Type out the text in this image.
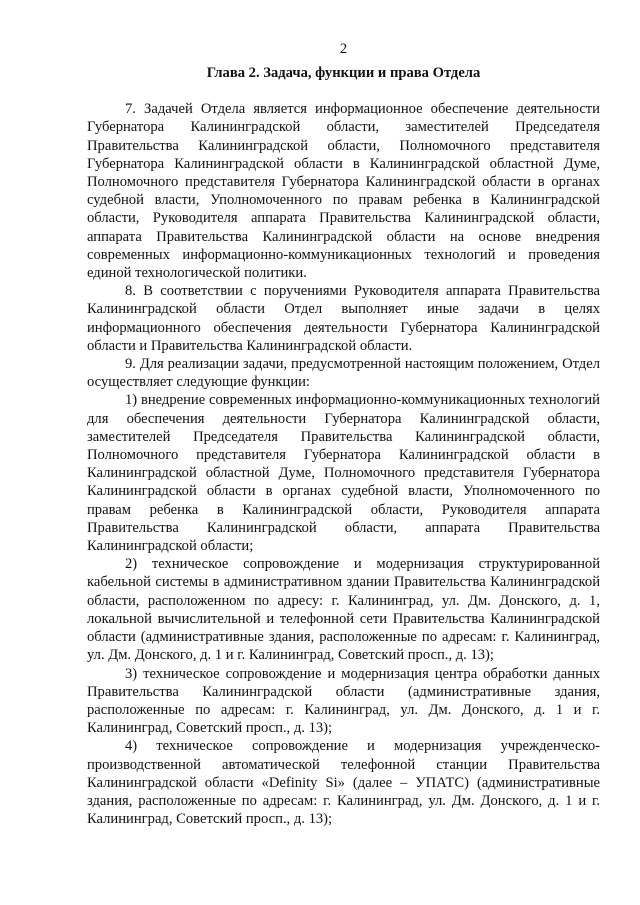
2
Глава 2. Задача, функции и права Отдела

7. Задачей Отдела является информационное обеспечение деятельности Губернатора Калининградской области, заместителей Председателя Правительства Калининградской области, Полномочного представителя Губернатора Калининградской области в Калининградской областной Думе, Полномочного представителя Губернатора Калининградской области в органах судебной власти, Уполномоченного по правам ребенка в Калининградской области, Руководителя аппарата Правительства Калининградской области, аппарата Правительства Калининградской области на основе внедрения современных информационно-коммуникационных технологий и проведения единой технологической политики.

8. В соответствии с поручениями Руководителя аппарата Правительства Калининградской области Отдел выполняет иные задачи в целях информационного обеспечения деятельности Губернатора Калининградской области и Правительства Калининградской области.

9. Для реализации задачи, предусмотренной настоящим положением, Отдел осуществляет следующие функции:

1) внедрение современных информационно-коммуникационных технологий для обеспечения деятельности Губернатора Калининградской области, заместителей Председателя Правительства Калининградской области, Полномочного представителя Губернатора Калининградской области в Калининградской областной Думе, Полномочного представителя Губернатора Калининградской области в органах судебной власти, Уполномоченного по правам ребенка в Калининградской области, Руководителя аппарата Правительства Калининградской области, аппарата Правительства Калининградской области;

2) техническое сопровождение и модернизация структурированной кабельной системы в административном здании Правительства Калининградской области, расположенном по адресу: г. Калининград, ул. Дм. Донского, д. 1, локальной вычислительной и телефонной сети Правительства Калининградской области (административные здания, расположенные по адресам: г. Калининград, ул. Дм. Донского, д. 1 и г. Калининград, Советский просп., д. 13);

3) техническое сопровождение и модернизация центра обработки данных Правительства Калининградской области (административные здания, расположенные по адресам: г. Калининград, ул. Дм. Донского, д. 1 и г. Калининград, Советский просп., д. 13);

4) техническое сопровождение и модернизация учрежденческо-производственной автоматической телефонной станции Правительства Калининградской области «Definity Si» (далее – УПАТС) (административные здания, расположенные по адресам: г. Калининград, ул. Дм. Донского, д. 1 и г. Калининград, Советский просп., д. 13);
